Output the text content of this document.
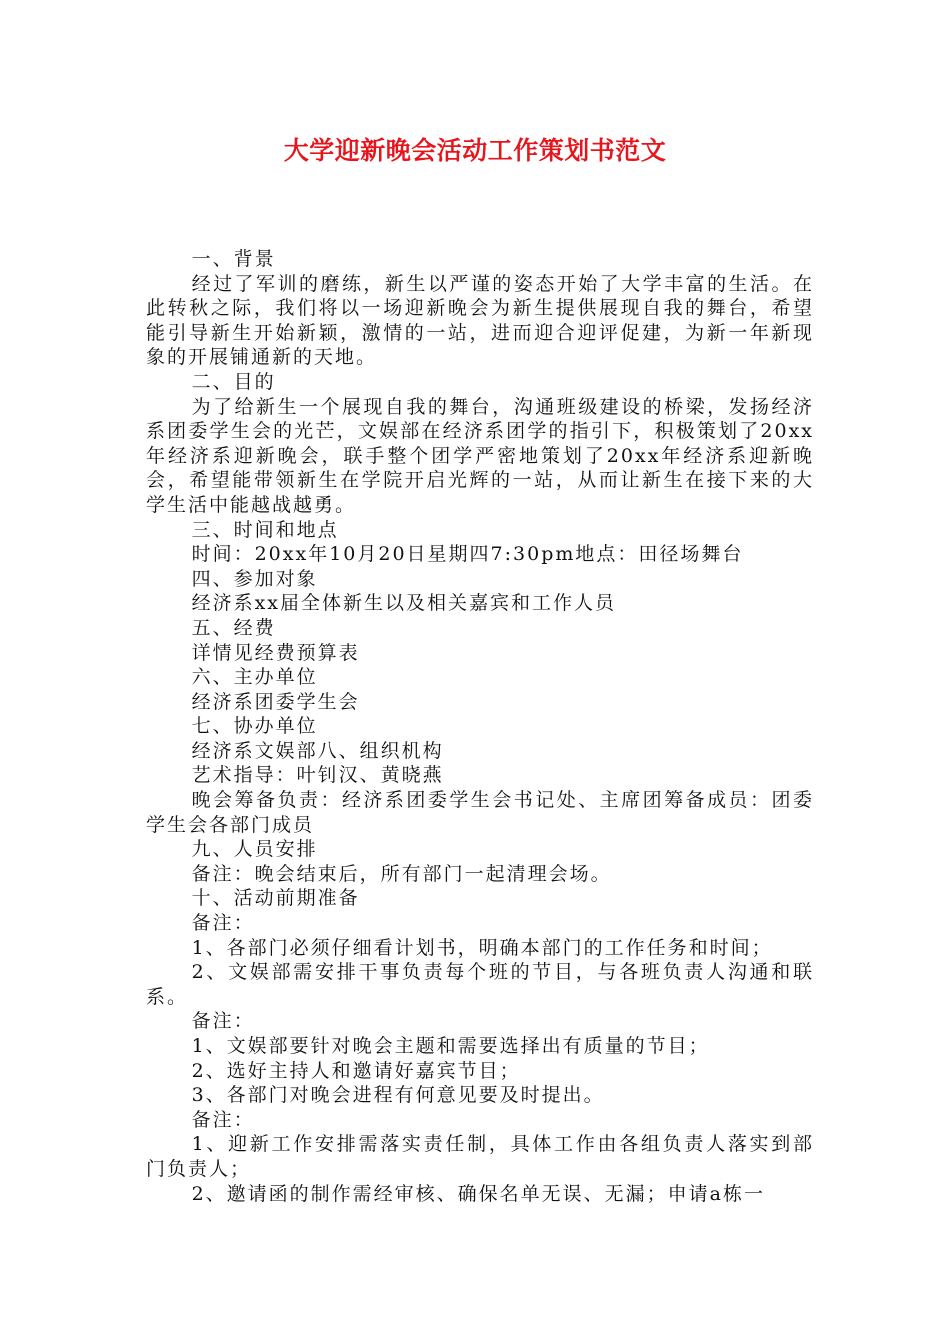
大学迎新晚会活动工作策划书范文

一、背景

经过了军训的磨练，新生以严谨的姿态开始了大学丰富的生活。在此转秋之际，我们将以一场迎新晚会为新生提供展现自我的舞台，希望能引导新生开始新颖，激情的一站，进而迎合迎评促建，为新一年新现象的开展铺通新的天地。

二、目的

为了给新生一个展现自我的舞台，沟通班级建设的桥梁，发扬经济系团委学生会的光芒，文娱部在经济系团学的指引下，积极策划了20xx年经济系迎新晚会，联手整个团学严密地策划了20xx年经济系迎新晚会，希望能带领新生在学院开启光辉的一站，从而让新生在接下来的大学生活中能越战越勇。

三、时间和地点

时间：20xx年10月20日星期四7:30pm地点：田径场舞台

四、参加对象

经济系xx届全体新生以及相关嘉宾和工作人员

五、经费

详情见经费预算表

六、主办单位

经济系团委学生会

七、协办单位

经济系文娱部八、组织机构

艺术指导：叶钊汉、黄晓燕

晚会筹备负责：经济系团委学生会书记处、主席团筹备成员：团委学生会各部门成员

九、人员安排

备注：晚会结束后，所有部门一起清理会场。

十、活动前期准备

备注：

1、各部门必须仔细看计划书，明确本部门的工作任务和时间；

2、文娱部需安排干事负责每个班的节目，与各班负责人沟通和联系。

备注：

1、文娱部要针对晚会主题和需要选择出有质量的节目；

2、选好主持人和邀请好嘉宾节目；

3、各部门对晚会进程有何意见要及时提出。

备注：

1、迎新工作安排需落实责任制，具体工作由各组负责人落实到部门负责人；

2、邀请函的制作需经审核、确保名单无误、无漏；申请a栋一
